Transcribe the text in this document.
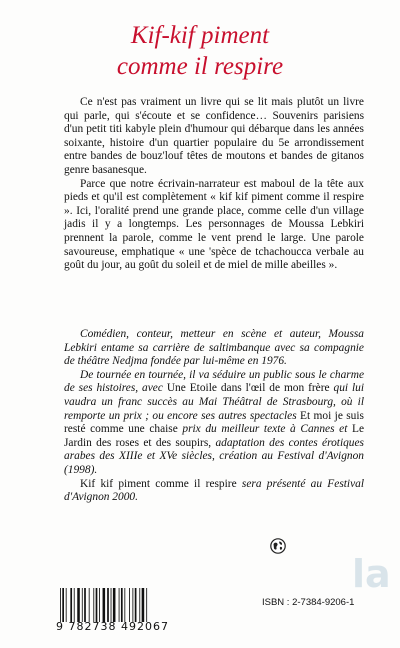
Kif-kif piment
comme il respire

Ce n'est pas vraiment un livre qui se lit mais plutôt un livre qui parle, qui s'écoute et se confidence… Souvenirs parisiens d'un petit titi kabyle plein d'humour qui débarque dans les années soixante, histoire d'un quartier populaire du 5e arrondissement entre bandes de bouz'louf têtes de moutons et bandes de gitanos genre basanesque.

Parce que notre écrivain-narrateur est maboul de la tête aux pieds et qu'il est complètement « kif kif piment comme il respire ». Ici, l'oralité prend une grande place, comme celle d'un village jadis il y a longtemps. Les personnages de Moussa Lebkiri prennent la parole, comme le vent prend le large. Une parole savoureuse, emphatique « une 'spèce de tchachoucca verbale au goût du jour, au goût du soleil et de miel de mille abeilles ».

Comédien, conteur, metteur en scène et auteur, Moussa Lebkiri entame sa carrière de saltimbanque avec sa compagnie de théâtre Nedjma fondée par lui-même en 1976.

De tournée en tournée, il va séduire un public sous le charme de ses histoires, avec Une Etoile dans l'œil de mon frère qui lui vaudra un franc succès au Mai Théâtral de Strasbourg, où il remporte un prix ; ou encore ses autres spectacles Et moi je suis resté comme une chaise prix du meilleur texte à Cannes et Le Jardin des roses et des soupirs, adaptation des contes érotiques arabes des XIIIe et XVe siècles, création au Festival d'Avignon (1998).

Kif kif piment comme il respire sera présenté au Festival d'Avignon 2000.

la
9 782738 492067
ISBN : 2-7384-9206-1
